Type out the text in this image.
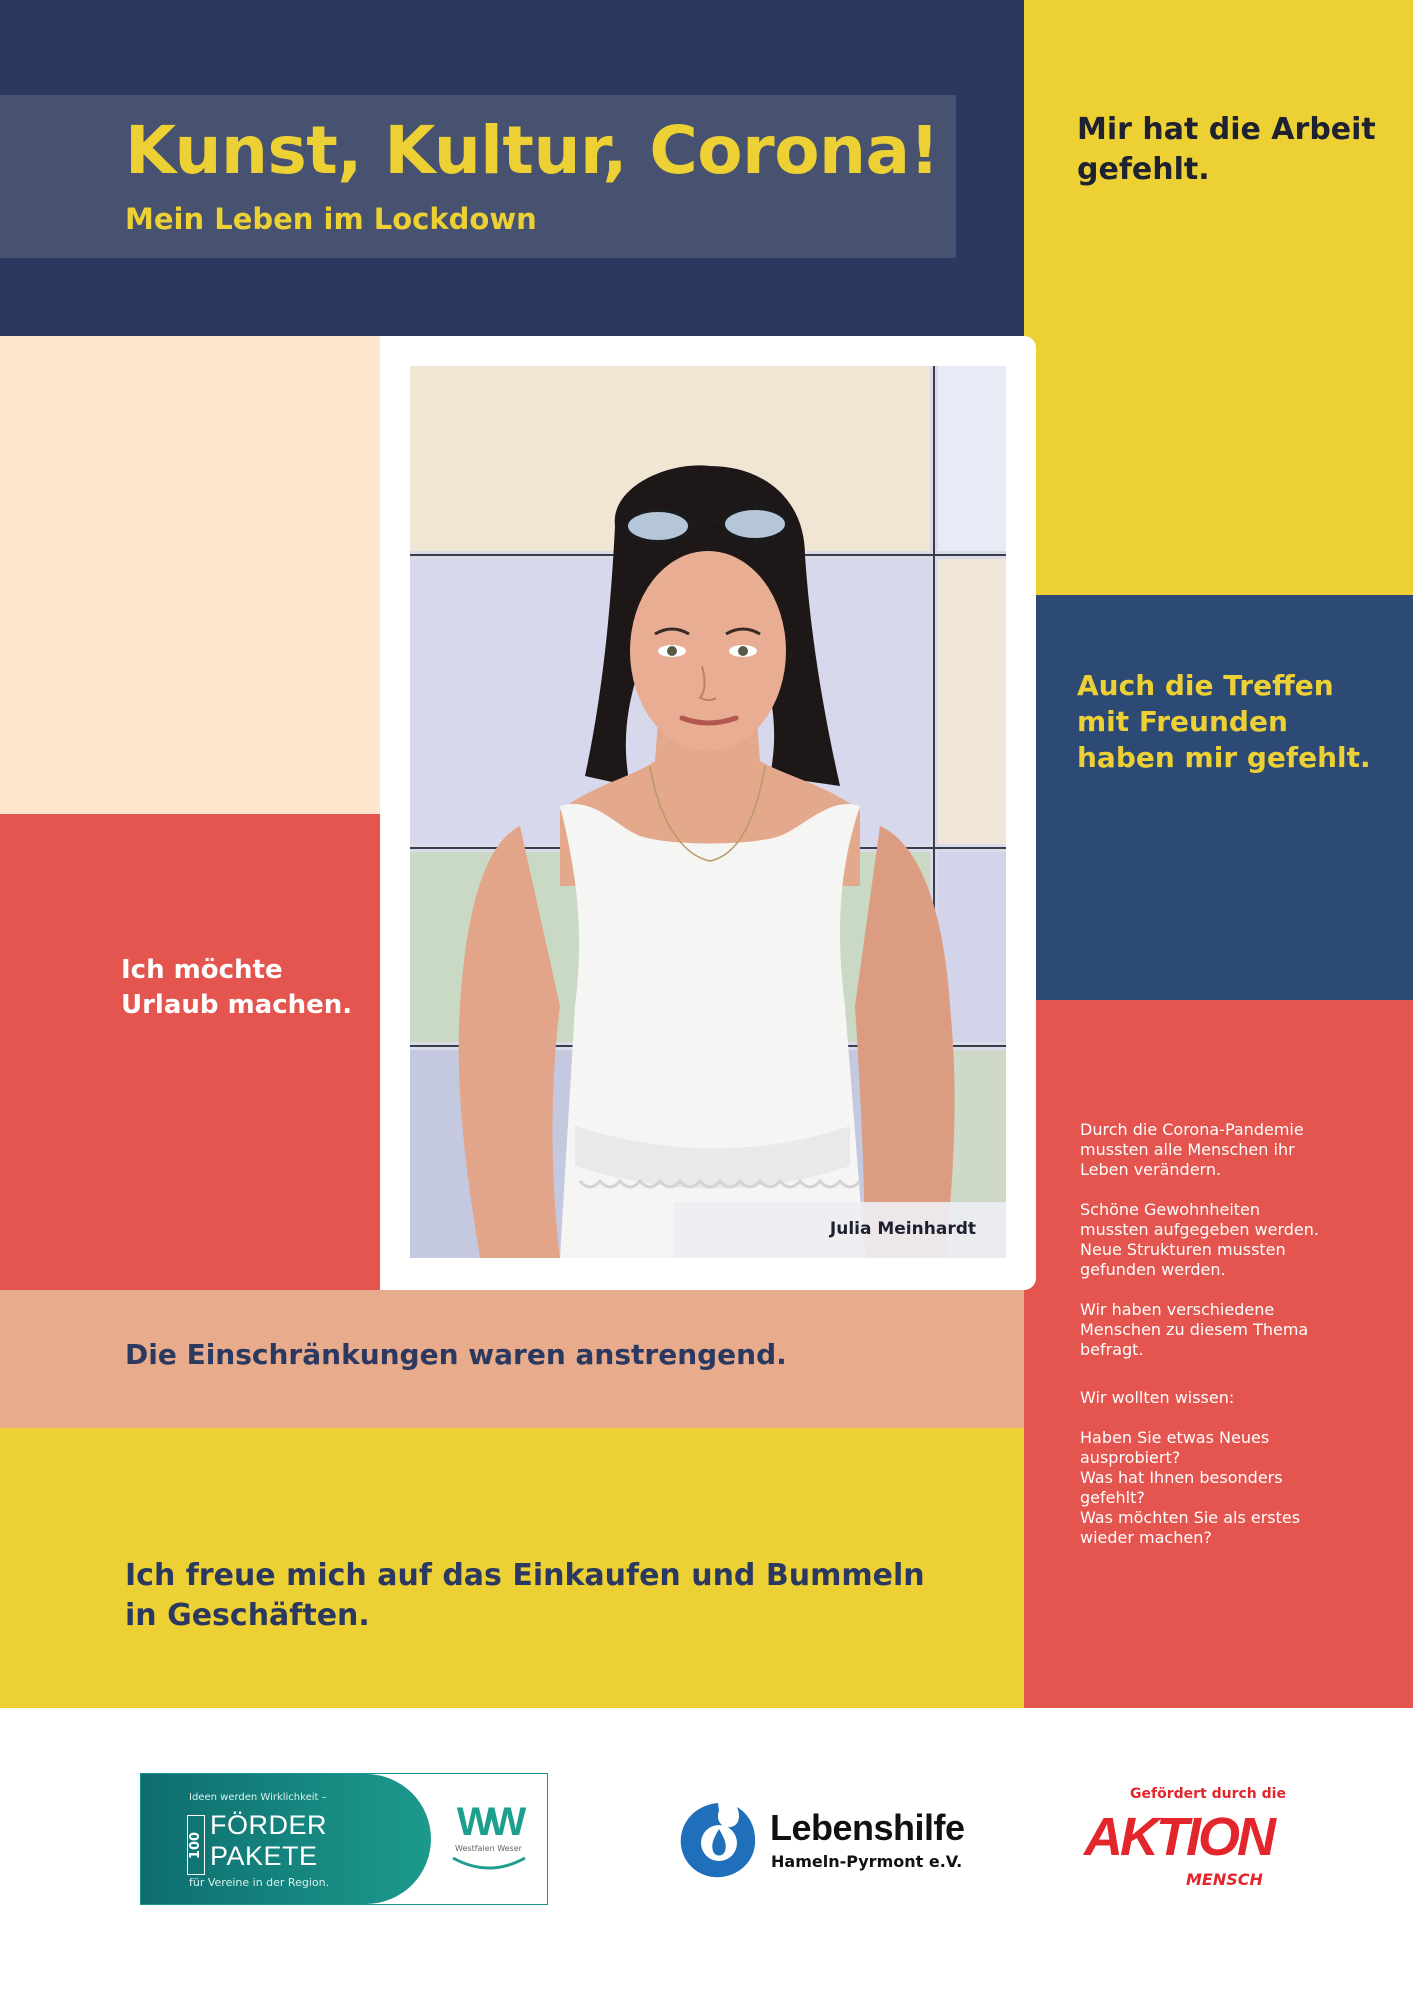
Kunst, Kultur, Corona!
Mein Leben im Lockdown
Mir hat die Arbeit gefehlt.
Auch die Treffen mit Freunden haben mir gefehlt.
Ich möchte Urlaub machen.
Die Einschränkungen waren anstrengend.
Ich freue mich auf das Einkaufen und Bummeln in Geschäften.

Durch die Corona-Pandemie mussten alle Menschen ihr Leben verändern.

Schöne Gewohnheiten mussten aufgegeben werden.

Neue Strukturen mussten gefunden werden.

Wir haben verschiedene Menschen zu diesem Thema befragt.

Wir wollten wissen:

Haben Sie etwas Neues ausprobiert?

Was hat Ihnen besonders gefehlt?

Was möchten Sie als erstes wieder machen?

Julia Meinhardt
Ideen werden Wirklichkeit –
100
FÖRDER
PAKETE
für Vereine in der Region.
WW
Westfalen Weser
Lebenshilfe
Hameln-Pyrmont e.V.
Gefördert durch die
AKTION
MENSCH
